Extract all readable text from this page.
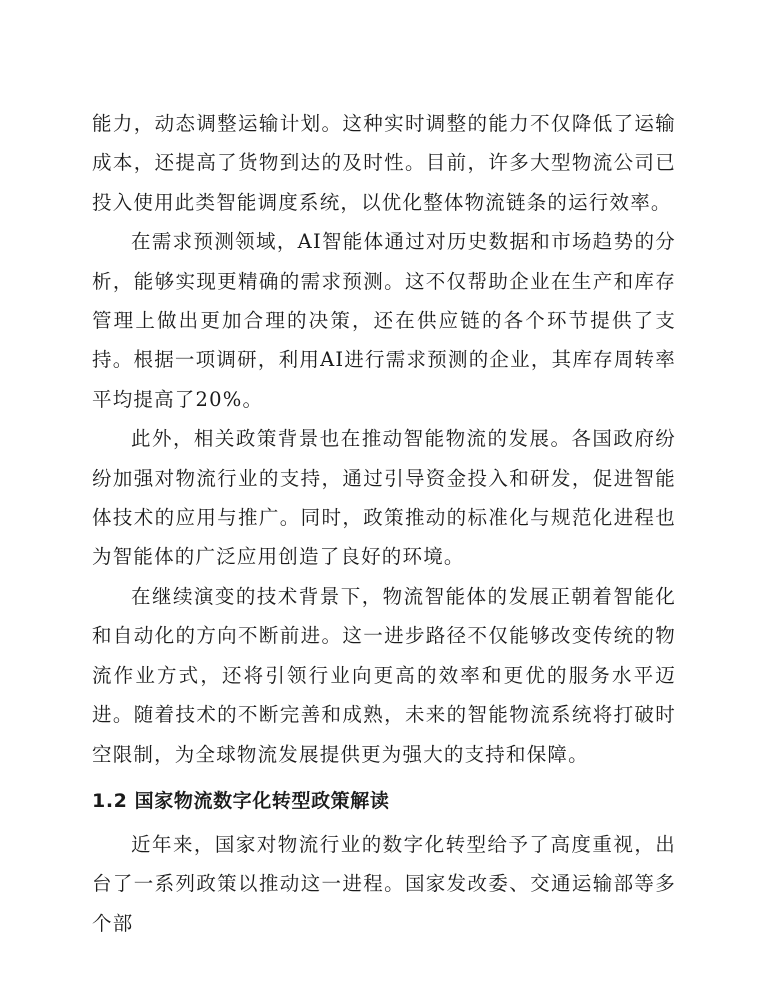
能力，动态调整运输计划。这种实时调整的能力不仅降低了运输成本，还提高了货物到达的及时性。目前，许多大型物流公司已投入使用此类智能调度系统，以优化整体物流链条的运行效率。

在需求预测领域，AI智能体通过对历史数据和市场趋势的分析，能够实现更精确的需求预测。这不仅帮助企业在生产和库存管理上做出更加合理的决策，还在供应链的各个环节提供了支持。根据一项调研，利用AI进行需求预测的企业，其库存周转率平均提高了20%。

此外，相关政策背景也在推动智能物流的发展。各国政府纷纷加强对物流行业的支持，通过引导资金投入和研发，促进智能体技术的应用与推广。同时，政策推动的标准化与规范化进程也为智能体的广泛应用创造了良好的环境。

在继续演变的技术背景下，物流智能体的发展正朝着智能化和自动化的方向不断前进。这一进步路径不仅能够改变传统的物流作业方式，还将引领行业向更高的效率和更优的服务水平迈进。随着技术的不断完善和成熟，未来的智能物流系统将打破时空限制，为全球物流发展提供更为强大的支持和保障。

1.2 国家物流数字化转型政策解读

近年来，国家对物流行业的数字化转型给予了高度重视，出台了一系列政策以推动这一进程。国家发改委、交通运输部等多个部
